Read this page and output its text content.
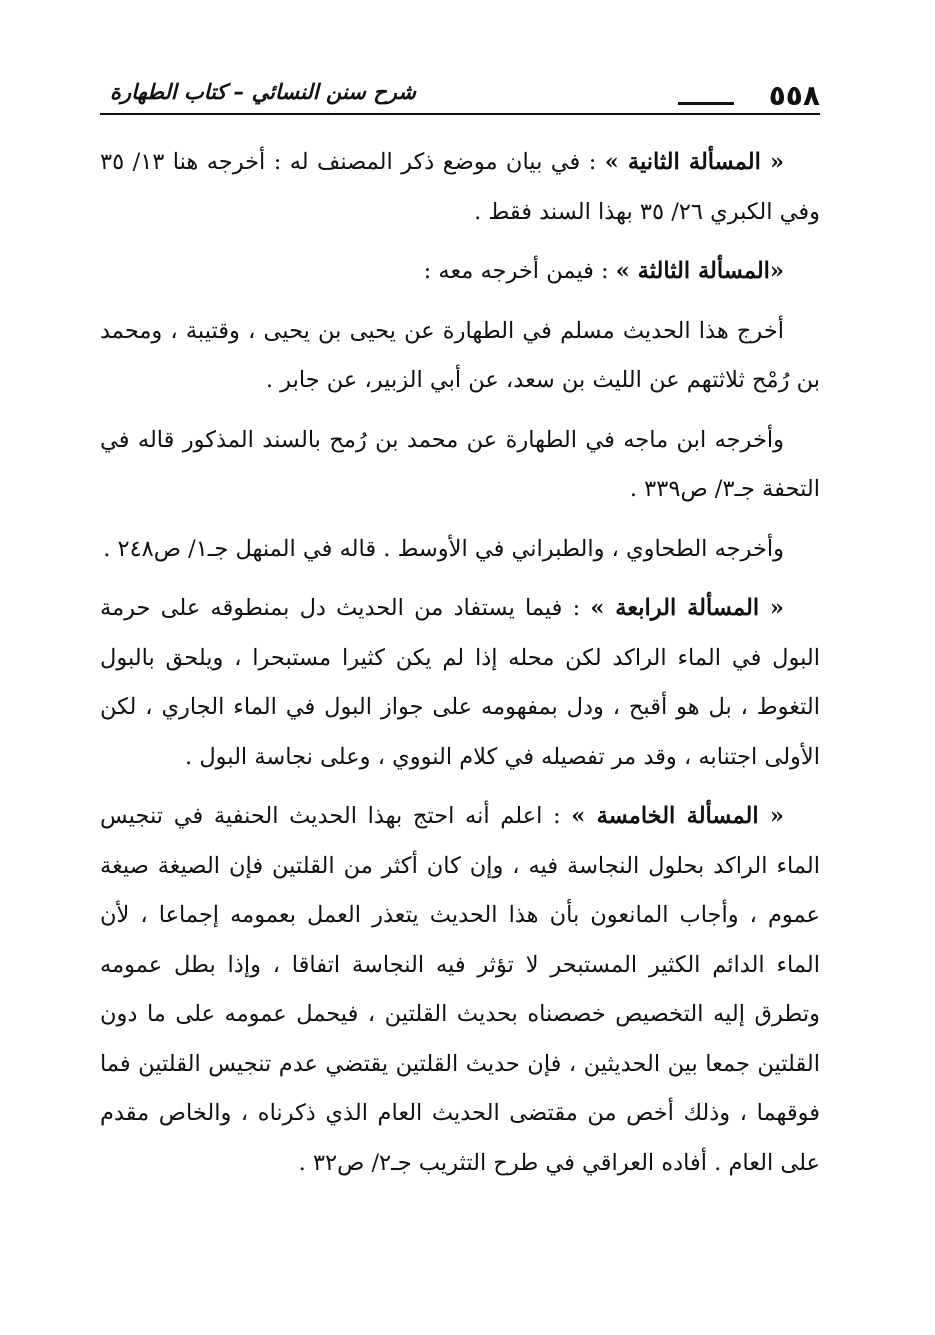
٥٥٨
شرح سنن النسائي – كتاب الطهارة

« المسألة الثانية » : في بيان موضع ذكر المصنف له : أخرجه هنا ١٣/ ٣٥ وفي الكبري ٢٦/ ٣٥ بهذا السند فقط .

«المسألة الثالثة » : فيمن أخرجه معه :

أخرج هذا الحديث مسلم في الطهارة عن يحيى بن يحيى ، وقتيبة ، ومحمد بن رُمْح ثلاثتهم عن الليث بن سعد، عن أبي الزبير، عن جابر .

وأخرجه ابن ماجه في الطهارة عن محمد بن رُمح بالسند المذكور قاله في التحفة جـ٣/ ص٣٣٩ .

وأخرجه الطحاوي ، والطبراني في الأوسط . قاله في المنهل جـ١/ ص٢٤٨ .

« المسألة الرابعة » : فيما يستفاد من الحديث دل بمنطوقه على حرمة البول في الماء الراكد لكن محله إذا لم يكن كثيرا مستبحرا ، ويلحق بالبول التغوط ، بل هو أقبح ، ودل بمفهومه على جواز البول في الماء الجاري ، لكن الأولى اجتنابه ، وقد مر تفصيله في كلام النووي ، وعلى نجاسة البول .

« المسألة الخامسة » : اعلم أنه احتج بهذا الحديث الحنفية في تنجيس الماء الراكد بحلول النجاسة فيه ، وإن كان أكثر من القلتين فإن الصيغة صيغة عموم ، وأجاب المانعون بأن هذا الحديث يتعذر العمل بعمومه إجماعا ، لأن الماء الدائم الكثير المستبحر لا تؤثر فيه النجاسة اتفاقا ، وإذا بطل عمومه وتطرق إليه التخصيص خصصناه بحديث القلتين ، فيحمل عمومه على ما دون القلتين جمعا بين الحديثين ، فإن حديث القلتين يقتضي عدم تنجيس القلتين فما فوقهما ، وذلك أخص من مقتضى الحديث العام الذي ذكرناه ، والخاص مقدم على العام . أفاده العراقي في طرح التثريب جـ٢/ ص٣٢ .
